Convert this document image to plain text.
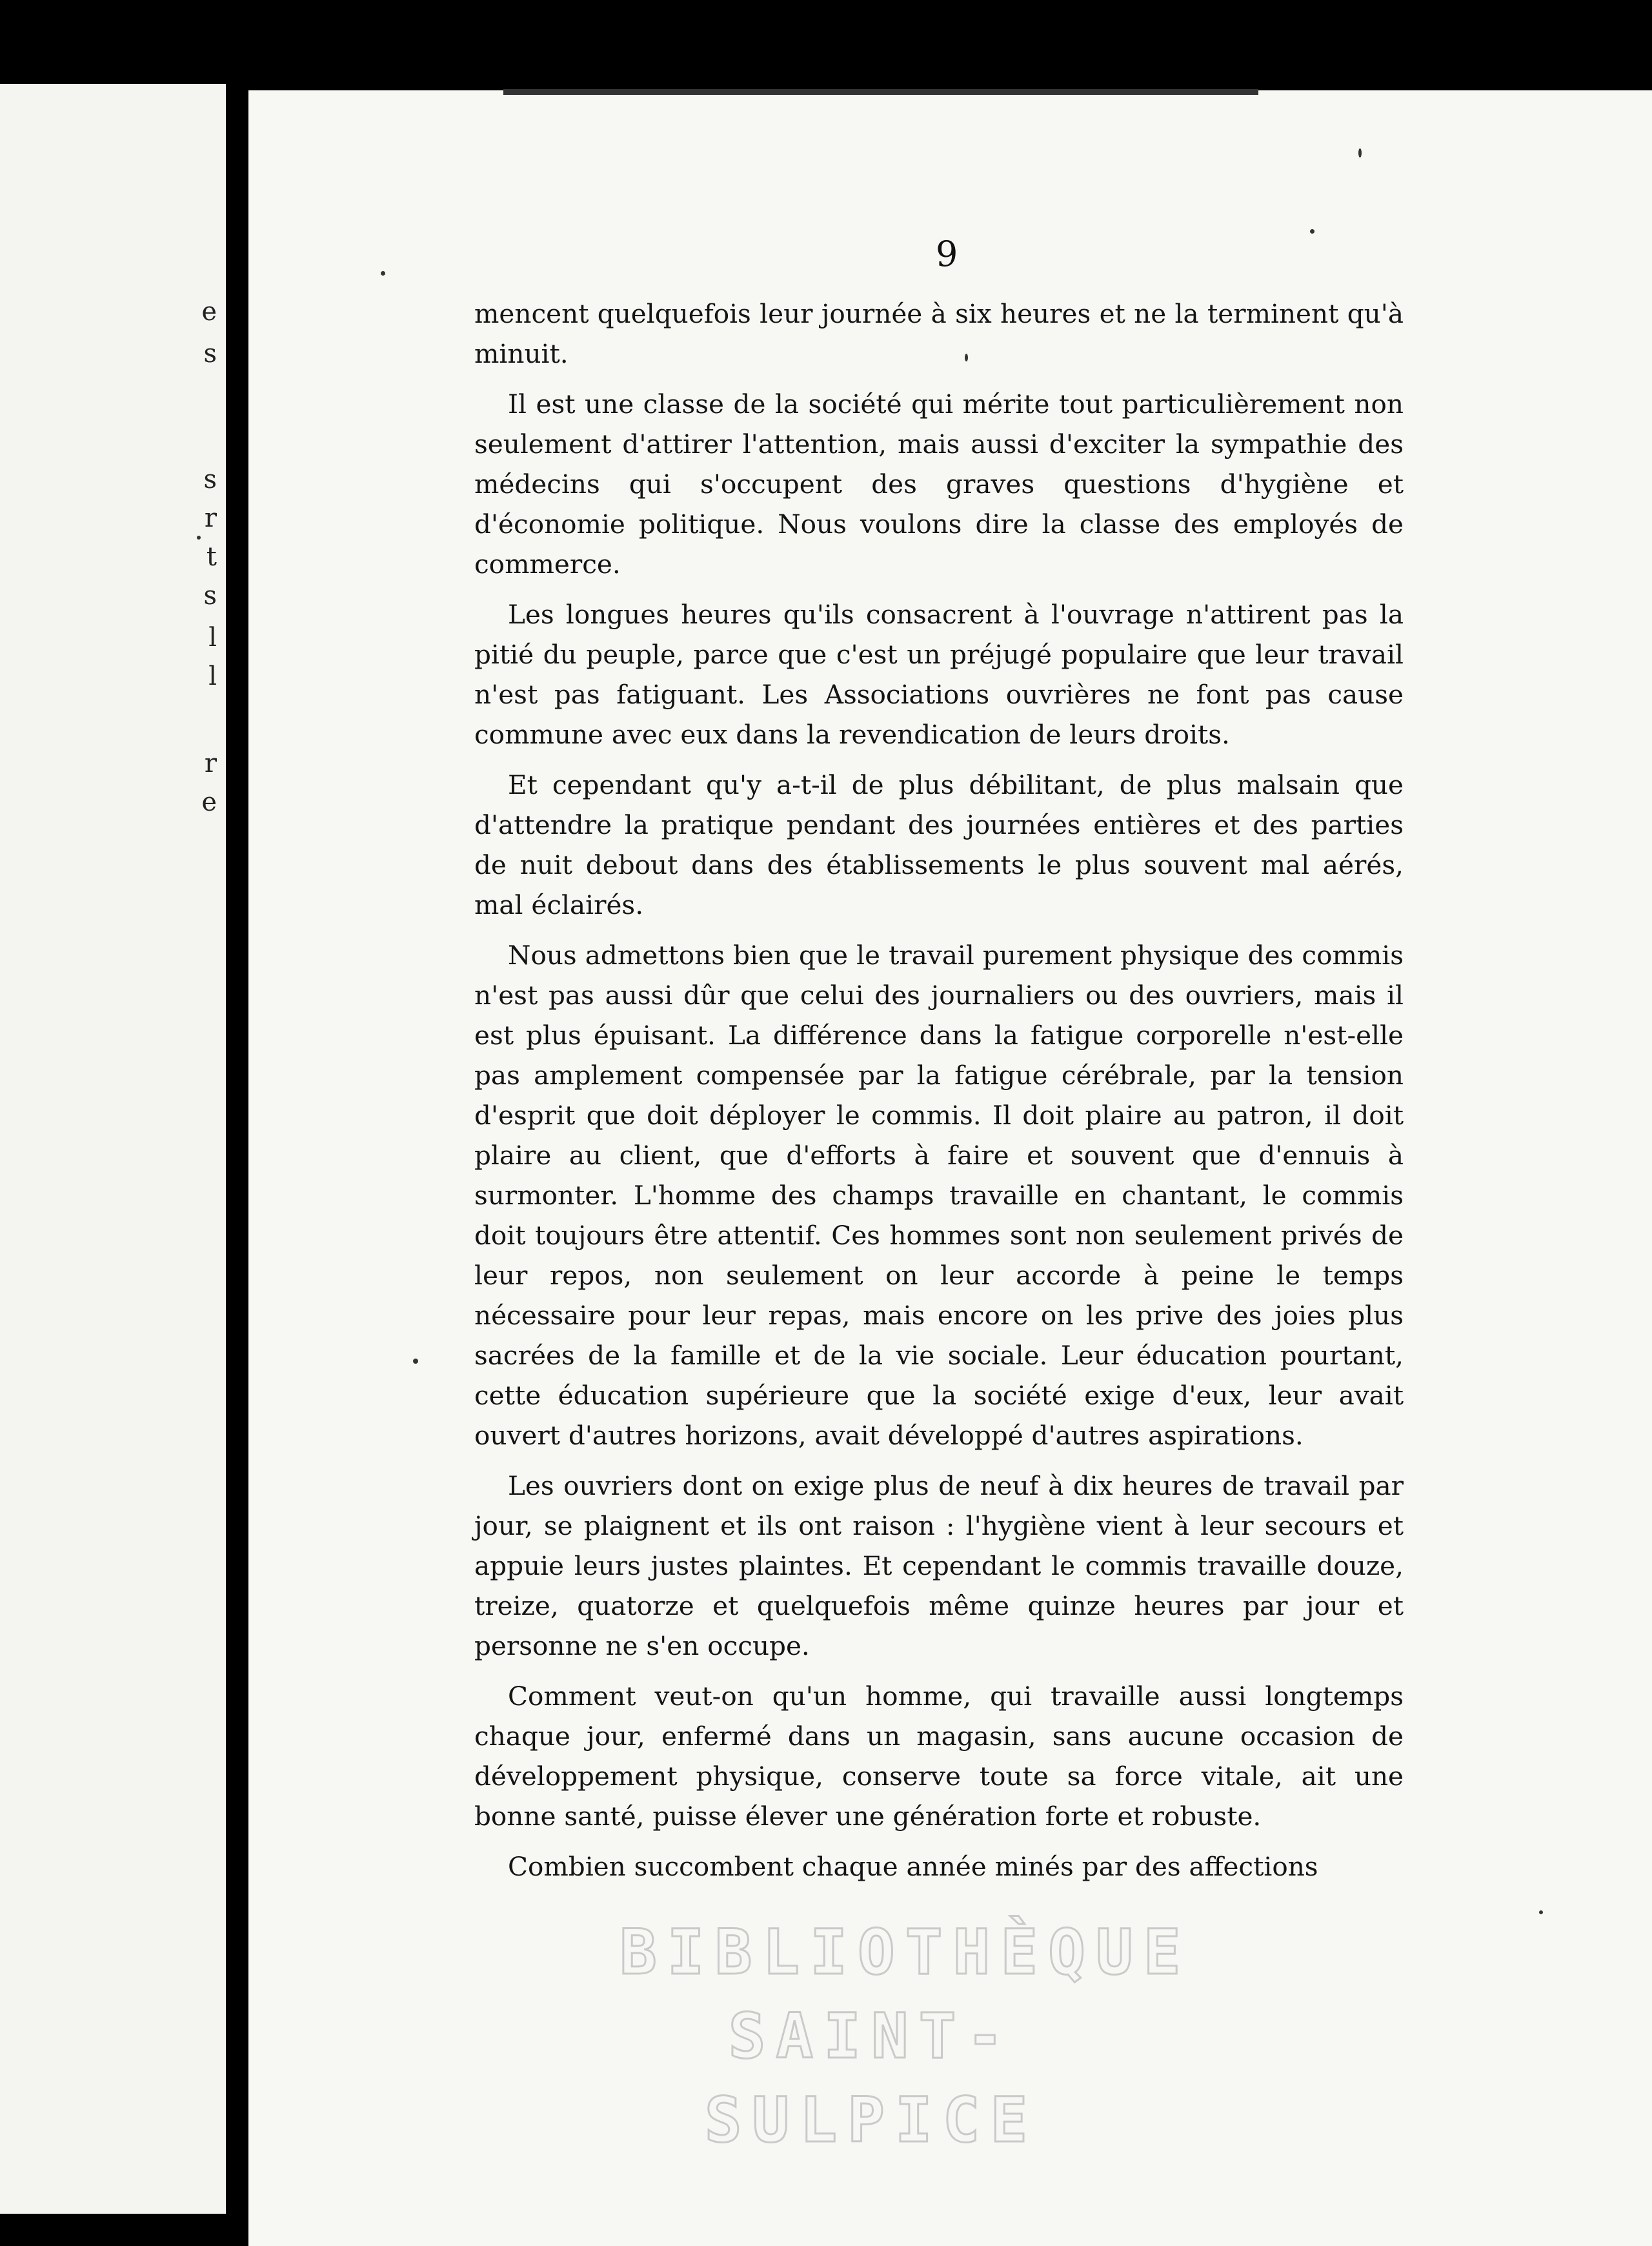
e
s
s
r
t
s
l
l
r
e
9

mencent quelquefois leur journée à six heures et ne la terminent qu'à minuit.

Il est une classe de la société qui mérite tout particulièrement non seulement d'attirer l'attention, mais aussi d'exciter la sympathie des médecins qui s'occupent des graves questions d'hygiène et d'économie politique. Nous voulons dire la classe des employés de commerce.

Les longues heures qu'ils consacrent à l'ouvrage n'attirent pas la pitié du peuple, parce que c'est un préjugé populaire que leur travail n'est pas fatiguant. Les Associations ouvrières ne font pas cause commune avec eux dans la revendication de leurs droits.

Et cependant qu'y a-t-il de plus débilitant, de plus malsain que d'attendre la pratique pendant des journées entières et des parties de nuit debout dans des établissements le plus souvent mal aérés, mal éclairés.

Nous admettons bien que le travail purement physique des commis n'est pas aussi dûr que celui des journaliers ou des ouvriers, mais il est plus épuisant. La différence dans la fatigue corporelle n'est-elle pas amplement compensée par la fatigue cérébrale, par la tension d'esprit que doit déployer le commis. Il doit plaire au patron, il doit plaire au client, que d'efforts à faire et souvent que d'ennuis à surmonter. L'homme des champs travaille en chantant, le commis doit toujours être attentif. Ces hommes sont non seulement privés de leur repos, non seulement on leur accorde à peine le temps nécessaire pour leur repas, mais encore on les prive des joies plus sacrées de la famille et de la vie sociale. Leur éducation pourtant, cette éducation supérieure que la société exige d'eux, leur avait ouvert d'autres horizons, avait développé d'autres aspirations.

Les ouvriers dont on exige plus de neuf à dix heures de travail par jour, se plaignent et ils ont raison : l'hygiène vient à leur secours et appuie leurs justes plaintes. Et cependant le commis travaille douze, treize, quatorze et quelquefois même quinze heures par jour et personne ne s'en occupe.

Comment veut-on qu'un homme, qui travaille aussi longtemps chaque jour, enfermé dans un magasin, sans aucune occasion de développement physique, conserve toute sa force vitale, ait une bonne santé, puisse élever une génération forte et robuste.

Combien succombent chaque année minés par des affections

BIBLIOTHÈQUE
SAINT-SULPICE
